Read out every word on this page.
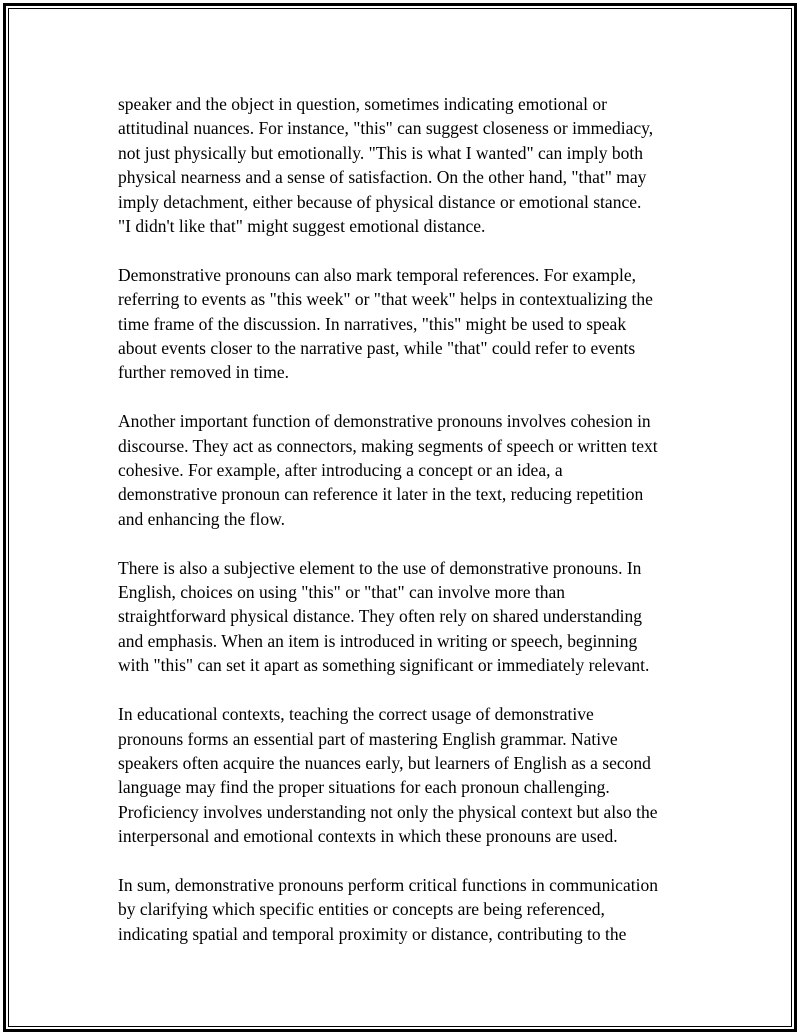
speaker and the object in question, sometimes indicating emotional or
attitudinal nuances. For instance, "this" can suggest closeness or immediacy,
not just physically but emotionally. "This is what I wanted" can imply both
physical nearness and a sense of satisfaction. On the other hand, "that" may
imply detachment, either because of physical distance or emotional stance.
"I didn't like that" might suggest emotional distance.

Demonstrative pronouns can also mark temporal references. For example,
referring to events as "this week" or "that week" helps in contextualizing the
time frame of the discussion. In narratives, "this" might be used to speak
about events closer to the narrative past, while "that" could refer to events
further removed in time.

Another important function of demonstrative pronouns involves cohesion in
discourse. They act as connectors, making segments of speech or written text
cohesive. For example, after introducing a concept or an idea, a
demonstrative pronoun can reference it later in the text, reducing repetition
and enhancing the flow.

There is also a subjective element to the use of demonstrative pronouns. In
English, choices on using "this" or "that" can involve more than
straightforward physical distance. They often rely on shared understanding
and emphasis. When an item is introduced in writing or speech, beginning
with "this" can set it apart as something significant or immediately relevant.

In educational contexts, teaching the correct usage of demonstrative
pronouns forms an essential part of mastering English grammar. Native
speakers often acquire the nuances early, but learners of English as a second
language may find the proper situations for each pronoun challenging.
Proficiency involves understanding not only the physical context but also the
interpersonal and emotional contexts in which these pronouns are used.

In sum, demonstrative pronouns perform critical functions in communication
by clarifying which specific entities or concepts are being referenced,
indicating spatial and temporal proximity or distance, contributing to the
